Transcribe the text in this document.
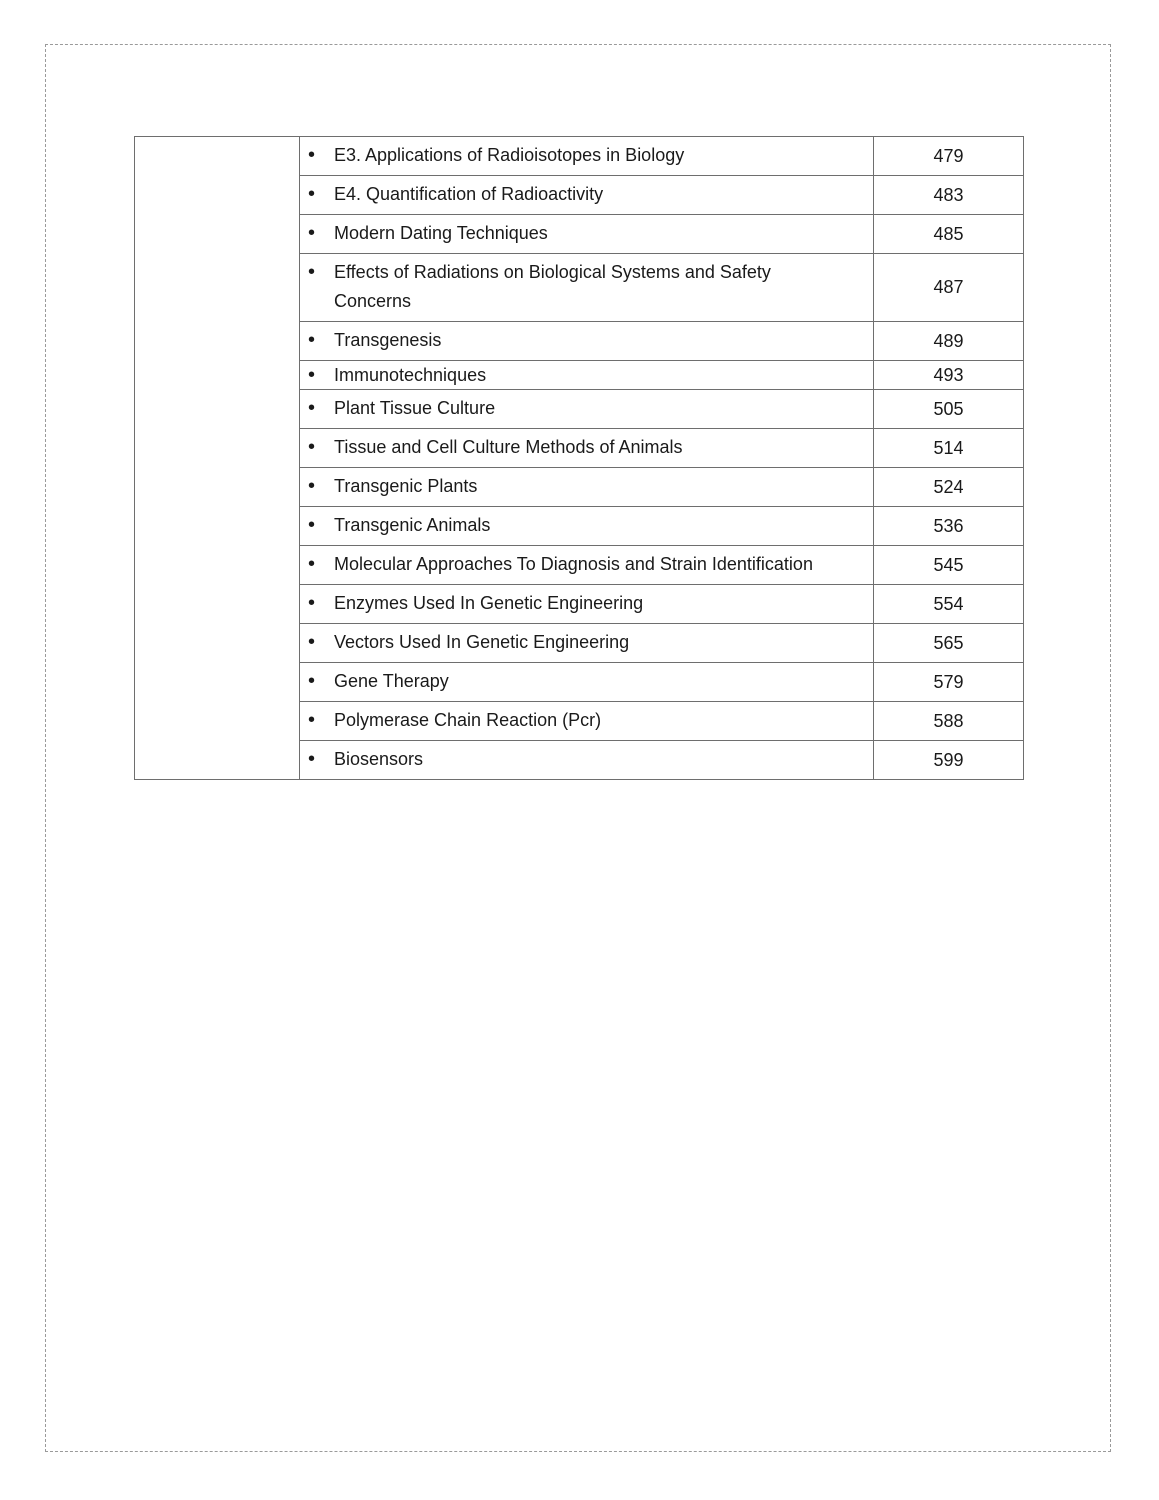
	• E3. Applications of Radioisotopes in Biology	479

	• E4. Quantification of Radioactivity	483

	• Modern Dating Techniques	485

	• Effects of Radiations on Biological Systems and Safety Concerns	487

	• Transgenesis	489

	• Immunotechniques	493

	• Plant Tissue Culture	505

	• Tissue and Cell Culture Methods of Animals	514

	• Transgenic Plants	524

	• Transgenic Animals	536

	• Molecular Approaches To Diagnosis and Strain Identification	545

	• Enzymes Used In Genetic Engineering	554

	• Vectors Used In Genetic Engineering	565

	• Gene Therapy	579

	• Polymerase Chain Reaction (Pcr)	588

	• Biosensors	599
